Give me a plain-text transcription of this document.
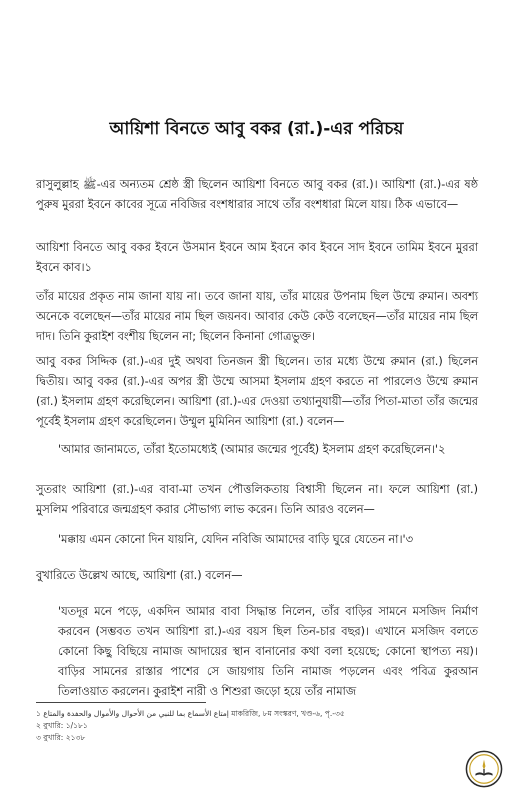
আয়িশা বিনতে আবু বকর (রা.)-এর পরিচয়

রাসুলুল্লাহ ﷺ-এর অন্যতম শ্রেষ্ঠ স্ত্রী ছিলেন আয়িশা বিনতে আবু বকর (রা.)। আয়িশা (রা.)-এর ষষ্ঠ পুরুষ মুররা ইবনে কাবের সূত্রে নবিজির বংশধারার সাথে তাঁর বংশধারা মিলে যায়। ঠিক এভাবে—

আয়িশা বিনতে আবু বকর ইবনে উসমান ইবনে আম ইবনে কাব ইবনে সাদ ইবনে তামিম ইবনে মুররা ইবনে কাব।১

তাঁর মায়ের প্রকৃত নাম জানা যায় না। তবে জানা যায়, তাঁর মায়ের উপনাম ছিল উম্মে রুমান। অবশ্য অনেকে বলেছেন—তাঁর মায়ের নাম ছিল জয়নব। আবার কেউ কেউ বলেছেন—তাঁর মায়ের নাম ছিল দাদ। তিনি কুরাইশ বংশীয় ছিলেন না; ছিলেন কিনানা গোত্রভুক্ত।

আবু বকর সিদ্দিক (রা.)-এর দুই অথবা তিনজন স্ত্রী ছিলেন। তার মধ্যে উম্মে রুমান (রা.) ছিলেন দ্বিতীয়। আবু বকর (রা.)-এর অপর স্ত্রী উম্মে আসমা ইসলাম গ্রহণ করতে না পারলেও উম্মে রুমান (রা.) ইসলাম গ্রহণ করেছিলেন। আয়িশা (রা.)-এর দেওয়া তথ্যানুযায়ী—তাঁর পিতা-মাতা তাঁর জন্মের পূর্বেই ইসলাম গ্রহণ করেছিলেন। উম্মুল মুমিনিন আয়িশা (রা.) বলেন—

'আমার জানামতে, তাঁরা ইতোমধ্যেই (আমার জন্মের পূর্বেই) ইসলাম গ্রহণ করেছিলেন।'২

সুতরাং আয়িশা (রা.)-এর বাবা-মা তখন পৌত্তলিকতায় বিশ্বাসী ছিলেন না। ফলে আয়িশা (রা.) মুসলিম পরিবারে জন্মগ্রহণ করার সৌভাগ্য লাভ করেন। তিনি আরও বলেন—

'মক্কায় এমন কোনো দিন যায়নি, যেদিন নবিজি আমাদের বাড়ি ঘুরে যেতেন না।'৩

বুখারিতে উল্লেখ আছে, আয়িশা (রা.) বলেন—

'যতদূর মনে পড়ে, একদিন আমার বাবা সিদ্ধান্ত নিলেন, তাঁর বাড়ির সামনে মসজিদ নির্মাণ করবেন (সম্ভবত তখন আয়িশা রা.)-এর বয়স ছিল তিন-চার বছর)। এখানে মসজিদ বলতে কোনো কিছু বিছিয়ে নামাজ আদায়ের স্থান বানানোর কথা বলা হয়েছে; কোনো স্থাপত্য নয়)। বাড়ির সামনের রাস্তার পাশের সে জায়গায় তিনি নামাজ পড়লেন এবং পবিত্র কুরআন তিলাওয়াত করলেন। কুরাইশ নারী ও শিশুরা জড়ো হয়ে তাঁর নামাজ

১ إمتاع الأسماع بما للنبي من الأحوال والأموال والحفدة والمتاع মাকরিজি, ৮ম সংস্করণ, খণ্ড-৬, পৃ.-৩৫
২ বুখারি: ১/১৮১
৩ বুখারি: ২১৩৮
